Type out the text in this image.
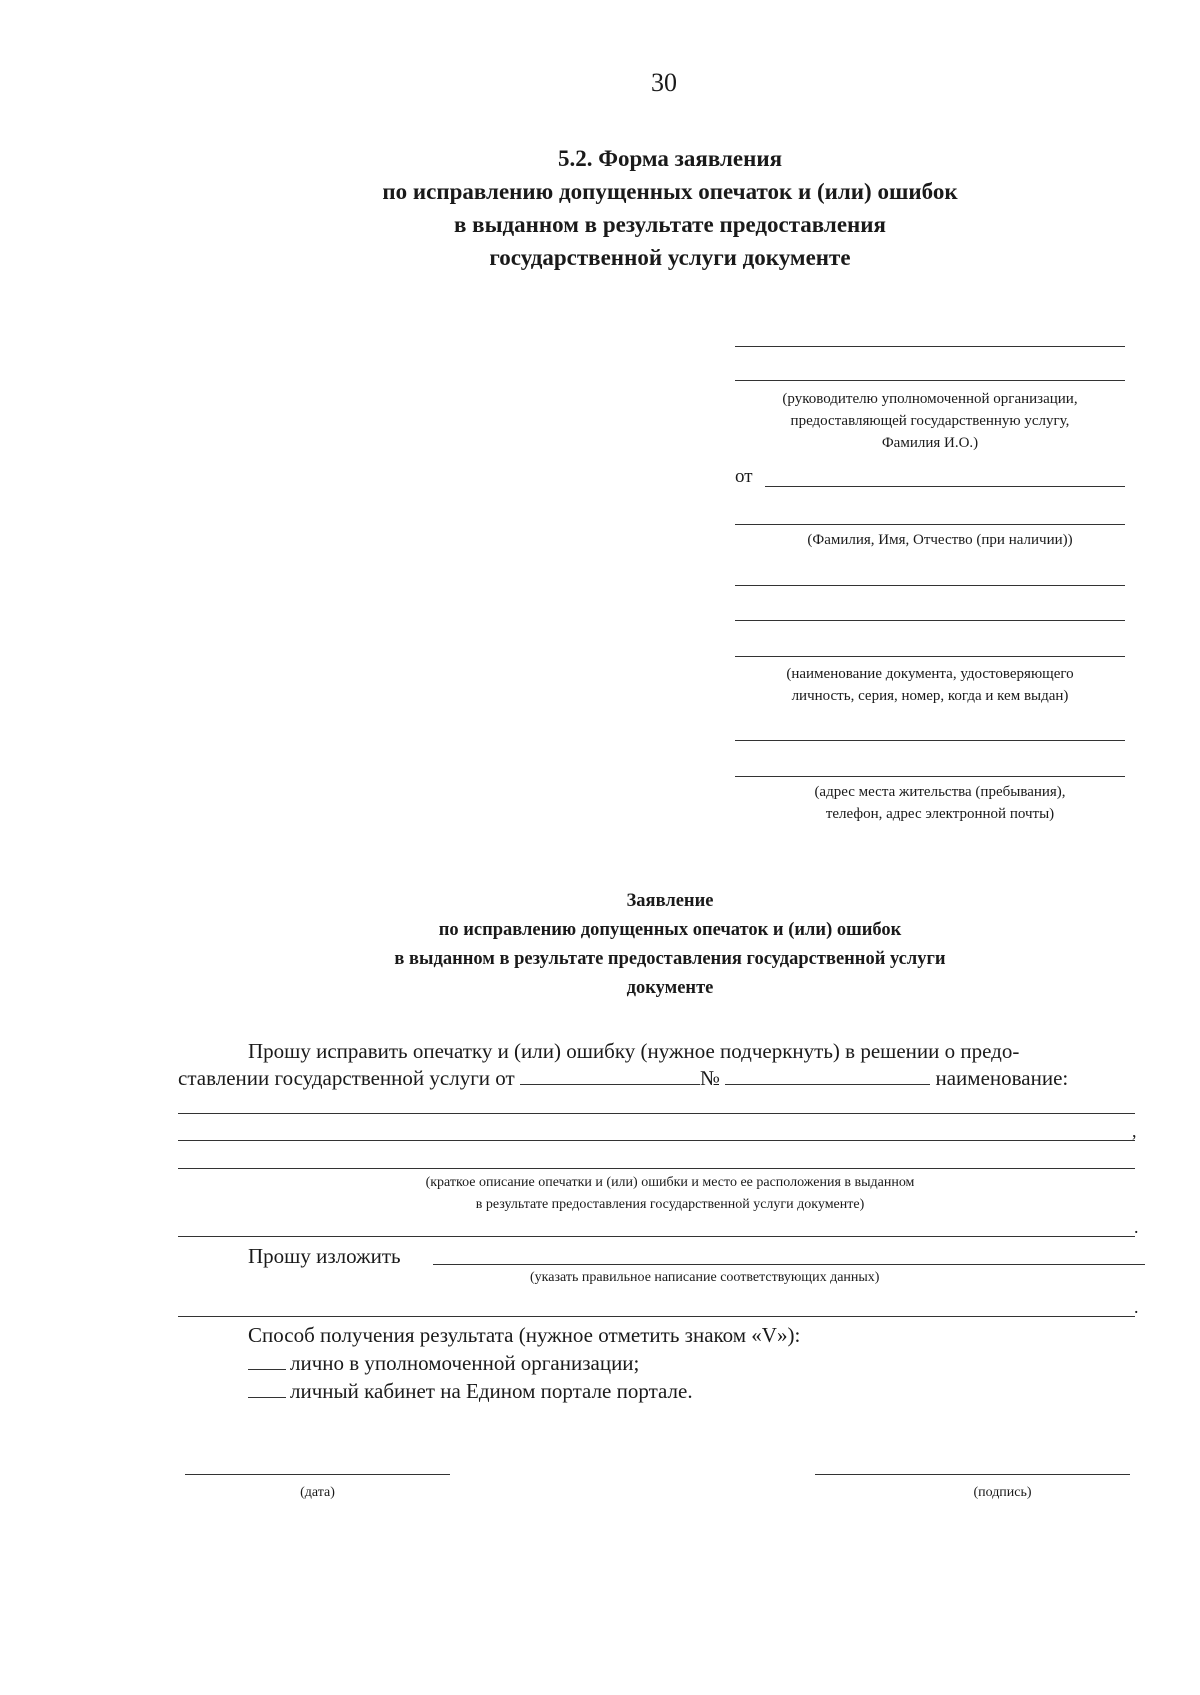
30
5.2. Форма заявления
по исправлению допущенных опечаток и (или) ошибок
в выданном в результате предоставления
государственной услуги документе
(руководителю уполномоченной организации,
предоставляющей государственную услугу,
Фамилия И.О.)
от
(Фамилия, Имя, Отчество (при наличии))
(наименование документа, удостоверяющего
личность, серия, номер, когда и кем выдан)
(адрес места жительства (пребывания),
телефон, адрес электронной почты)
Заявление
по исправлению допущенных опечаток и (или) ошибок
в выданном в результате предоставления государственной услуги
документе
Прошу исправить опечатку и (или) ошибку (нужное подчеркнуть) в решении о предо-
ставлении государственной услуги от	№	наименование:
,
(краткое описание опечатки и (или) ошибки и место ее расположения в выданном
в результате предоставления государственной услуги документе)
.
Прошу изложить
(указать правильное написание соответствующих данных)
.
Способ получения результата (нужное отметить знаком «V»):
лично в уполномоченной организации;
личный кабинет на Едином портале портале.
(дата)	(подпись)
